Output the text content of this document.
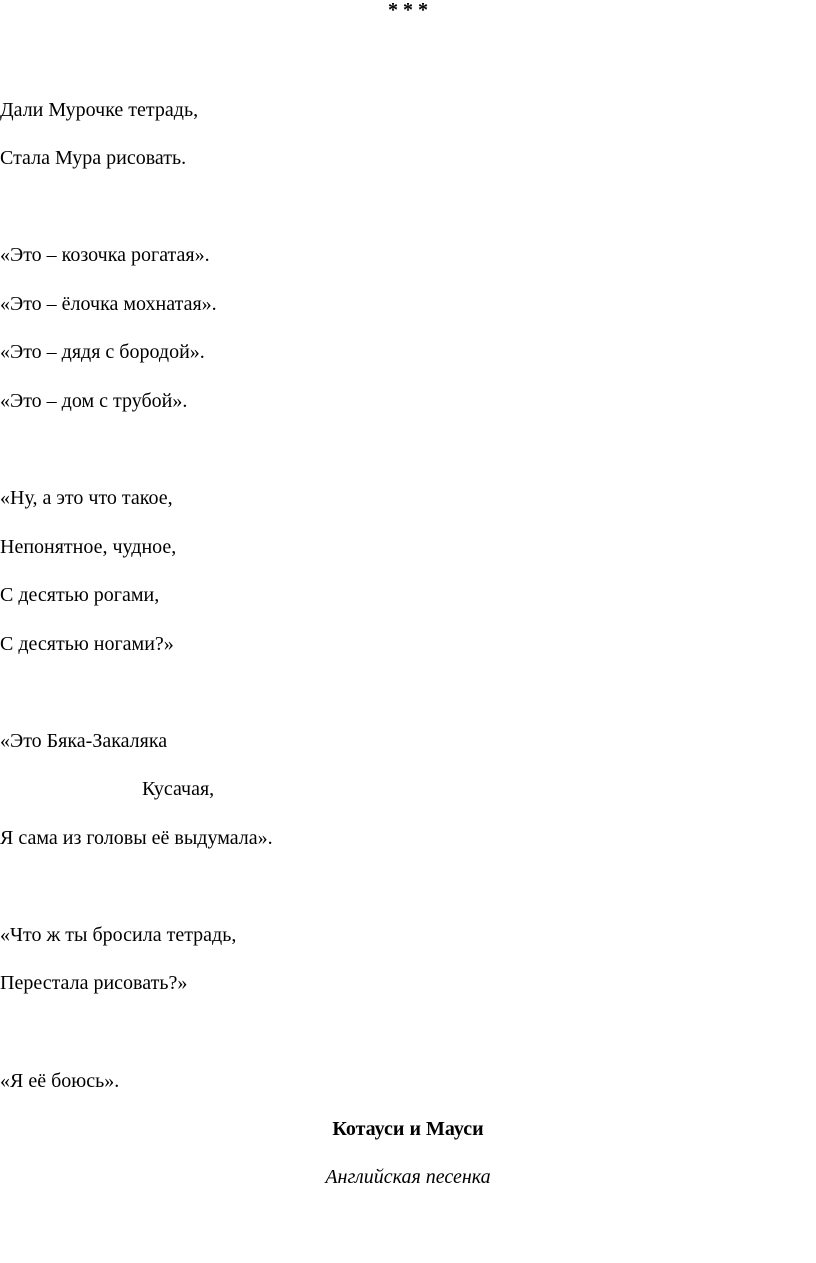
* * *
Дали Мурочке тетрадь,
Стала Мура рисовать.
«Это – козочка рогатая».
«Это – ёлочка мохнатая».
«Это – дядя с бородой».
«Это – дом с трубой».
«Ну, а это что такое,
Непонятное, чудное,
С десятью рогами,
С десятью ногами?»
«Это Бяка-Закаляка
Кусачая,
Я сама из головы её выдумала».
«Что ж ты бросила тетрадь,
Перестала рисовать?»
«Я её боюсь».
Котауси и Мауси
Английская песенка
